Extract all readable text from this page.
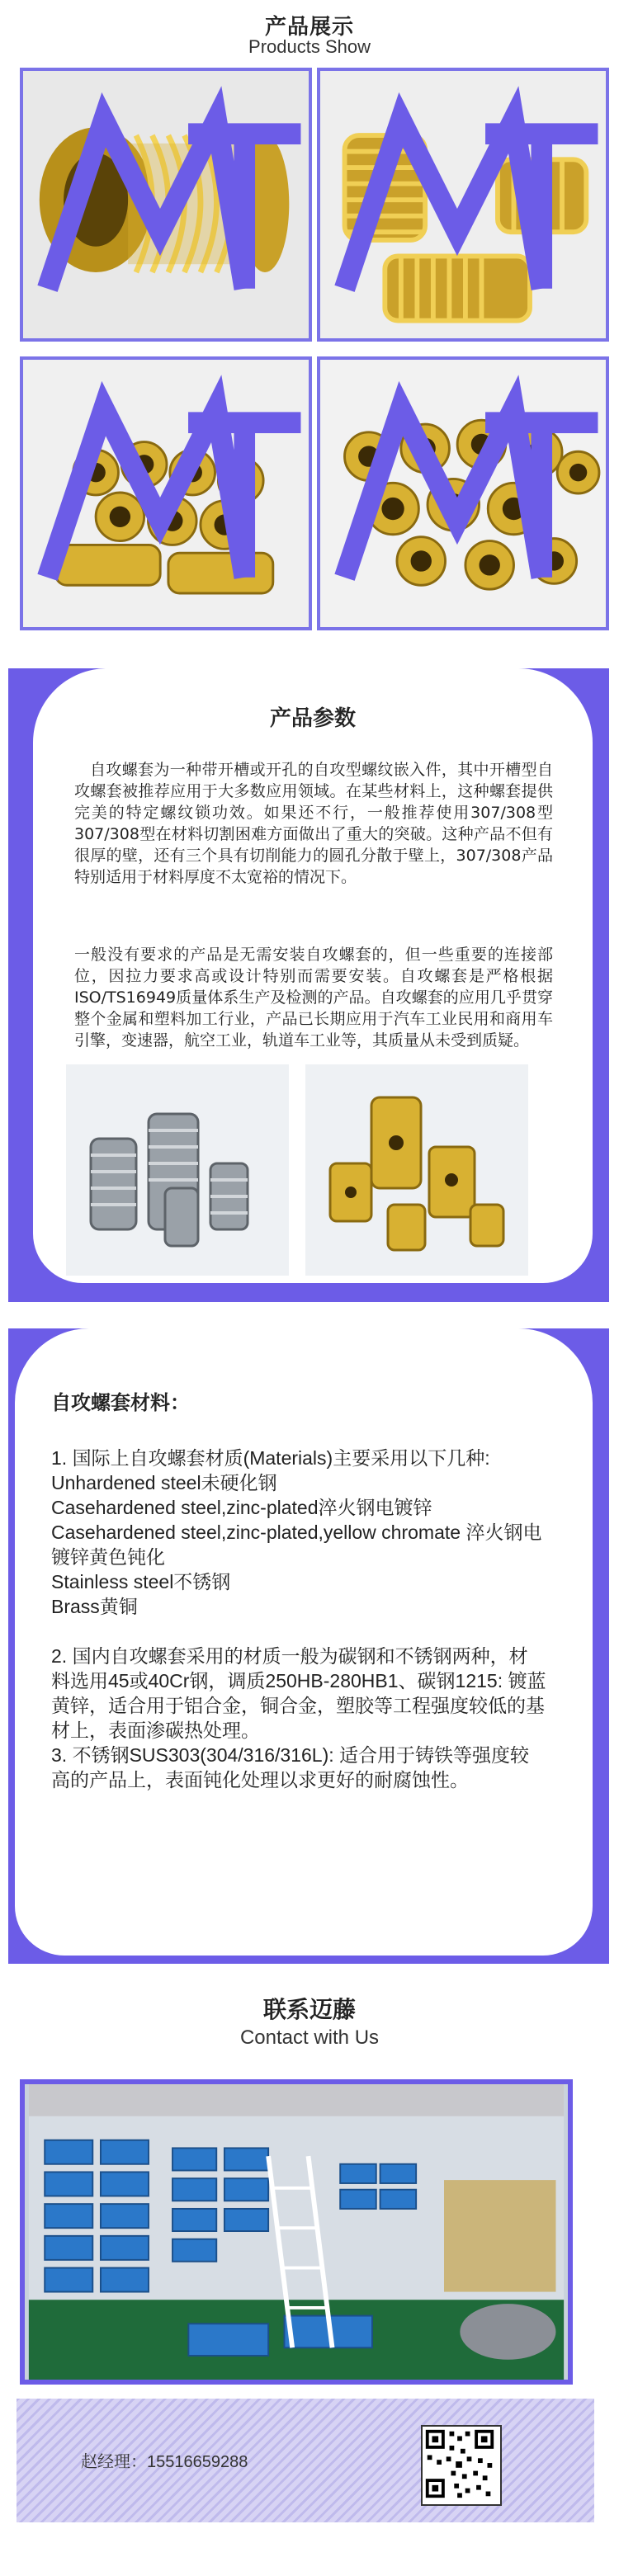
产品展示
Products Show
产品参数
自攻螺套为一种带开槽或开孔的自攻型螺纹嵌入件，其中开槽型自攻螺套被推荐应用于大多数应用领域。在某些材料上，这种螺套提供完美的特定螺纹锁功效。如果还不行，一般推荐使用307/308型307/308型在材料切割困难方面做出了重大的突破。这种产品不但有很厚的壁，还有三个具有切削能力的圆孔分散于壁上，307/308产品特别适用于材料厚度不太宽裕的情况下。
一般没有要求的产品是无需安装自攻螺套的，但一些重要的连接部位，因拉力要求高或设计特别而需要安装。自攻螺套是严格根据ISO/TS16949质量体系生产及检测的产品。自攻螺套的应用几乎贯穿整个金属和塑料加工行业，产品已长期应用于汽车工业民用和商用车引擎，变速器，航空工业，轨道车工业等，其质量从未受到质疑。
自攻螺套材料：

1. 国际上自攻螺套材质(Materials)主要采用以下几种:

Unhardened steel未硬化钢

Casehardened steel,zinc-plated淬火钢电镀锌

Casehardened steel,zinc-plated,yellow chromate 淬火钢电镀锌黄色钝化

Stainless steel不锈钢

Brass黄铜

2. 国内自攻螺套采用的材质一般为碳钢和不锈钢两种，材料选用45或40Cr钢，调质250HB-280HB1、碳钢1215: 镀蓝黄锌，适合用于铝合金，铜合金，塑胶等工程强度较低的基材上，表面渗碳热处理。

3. 不锈钢SUS303(304/316/316L): 适合用于铸铁等强度较高的产品上，表面钝化处理以求更好的耐腐蚀性。

联系迈藤
Contact with Us
赵经理：15516659288
